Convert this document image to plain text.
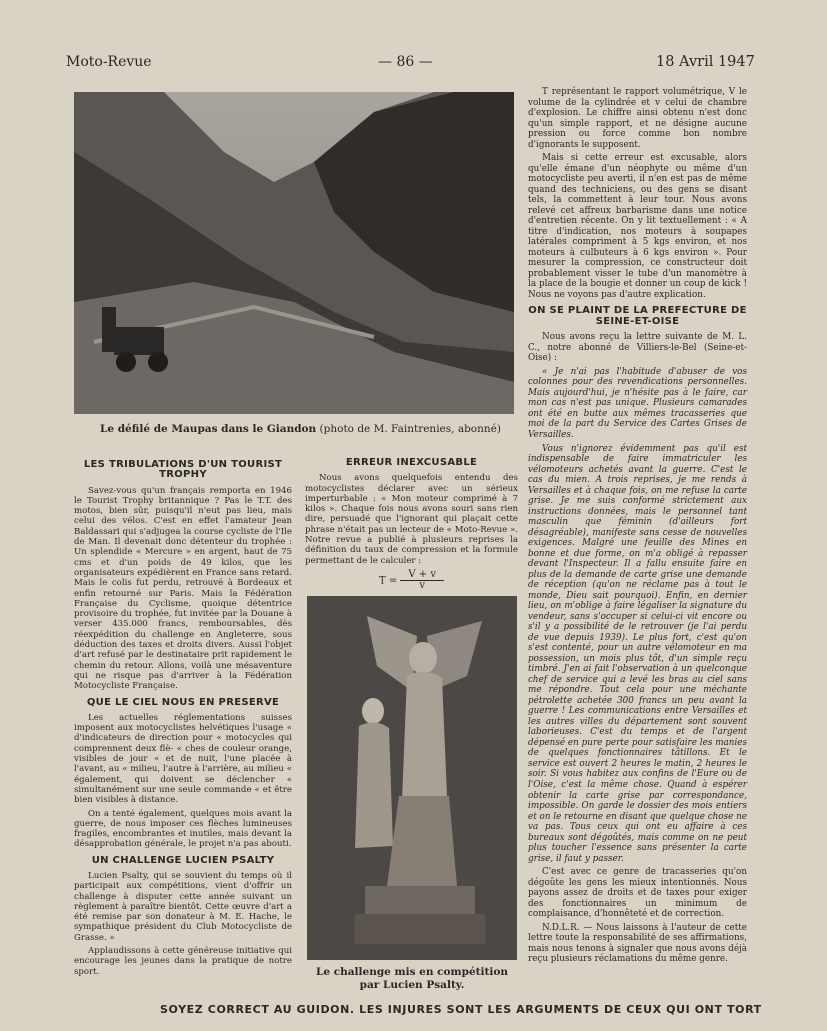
Moto-Revue	— 86 —	18 Avril 1947
Le défilé de Maupas dans le Giandon (photo de M. Faintrenies, abonné)
LES TRIBULATIONS D'UN TOURIST TROPHY

Savez-vous qu'un français remporta en 1946 le Tourist Trophy britannique ? Pas le T.T. des motos, bien sûr, puisqu'il n'eut pas lieu, mais celui des vélos. C'est en effet l'amateur Jean Baldassari qui s'adjugea la course cycliste de l'Ile de Man. Il devenait donc détenteur du trophée : Un splendide « Mercure » en argent, haut de 75 cms et d'un poids de 49 kilos, que les organisateurs expédièrent en France sans retard. Mais le colis fut perdu, retrouvé à Bordeaux et enfin retourné sur Paris. Mais la Fédération Française du Cyclisme, quoique détentrice provisoire du trophée, fut invitée par la Douane à verser 435.000 francs, remboursables, dès réexpédition du challenge en Angleterre, sous déduction des taxes et droits divers. Aussi l'objet d'art refusé par le destinataire prit rapidement le chemin du retour. Allons, voilà une mésaventure qui ne risque pas d'arriver à la Fédération Motocycliste Française.

QUE LE CIEL NOUS EN PRESERVE

Les actuelles réglementations suisses imposent aux motocyclistes helvétiques l'usage « d'indicateurs de direction pour « motocycles qui comprennent deux flè- « ches de couleur orange, visibles de jour « et de nuit, l'une placée à l'avant, au « milieu, l'autre à l'arrière, au milieu « également, qui doivent se déclencher « simultanément sur une seule commande « et être bien visibles à distance.

On a tenté également, quelques mois avant la guerre, de nous imposer ces flèches lumineuses fragiles, encombrantes et inutiles, mais devant la désapprobation générale, le projet n'a pas abouti.

UN CHALLENGE LUCIEN PSALTY

Lucien Psalty, qui se souvient du temps où il participait aux compétitions, vient d'offrir un challenge à disputer cette année suivant un règlement à paraître bientôt. Cette œuvre d'art a été remise par son donateur à M. E. Hache, le sympathique président du Club Motocycliste de Grasse. »

Applaudissons à cette généreuse initiative qui encourage les jeunes dans la pratique de notre sport.

ERREUR INEXCUSABLE

Nous avons quelquefois entendu des motocyclistes déclarer avec un sérieux imperturbable : « Mon moteur comprimé à 7 kilos ». Chaque fois nous avons souri sans rien dire, persuadé que l'ignorant qui plaçait cette phrase n'était pas un lecteur de « Moto-Revue ». Notre revue a publié à plusieurs reprises la définition du taux de compression et la formule permettant de le calculer :

$T = \frac{V + v}{v}$
Le challenge mis en compétition
par Lucien Psalty.

T représentant le rapport volumétrique, V le volume de la cylindrée et v celui de chambre d'explosion. Le chiffre ainsi obtenu n'est donc qu'un simple rapport, et ne désigne aucune pression ou force comme bon nombre d'ignorants le supposent.

Mais si cette erreur est excusable, alors qu'elle émane d'un néophyte ou même d'un motocycliste peu averti, il n'en est pas de même quand des techniciens, ou des gens se disant tels, la commettent à leur tour. Nous avons relevé cet affreux barbarisme dans une notice d'entretien récente. On y lit textuellement : « A titre d'indication, nos moteurs à soupapes latérales compriment à 5 kgs environ, et nos moteurs à culbuteurs à 6 kgs environ ». Pour mesurer la compression, ce constructeur doit probablement visser le tube d'un manomètre à la place de la bougie et donner un coup de kick ! Nous ne voyons pas d'autre explication.

ON SE PLAINT DE LA PREFECTURE DE SEINE-ET-OISE

Nous avons reçu la lettre suivante de M. L. C., notre abonné de Villiers-le-Bel (Seine-et-Oise) :

« Je n'ai pas l'habitude d'abuser de vos colonnes pour des revendications personnelles. Mais aujourd'hui, je n'hésite pas à le faire, car mon cas n'est pas unique. Plusieurs camarades ont été en butte aux mêmes tracasseries que moi de la part du Service des Cartes Grises de Versailles.

Vous n'ignorez évidemment pas qu'il est indispensable de faire immatriculer les vélomoteurs achetés avant la guerre. C'est le cas du mien. A trois reprises, je me rends à Versailles et à chaque fois, on me refuse la carte grise. Je me suis conformé strictement aux instructions données, mais le personnel tant masculin que féminin (d'ailleurs fort désagréable), manifeste sans cesse de nouvelles exigences. Malgré une feuille des Mines en bonne et due forme, on m'a obligé à repasser devant l'Inspecteur. Il a fallu ensuite faire en plus de la demande de carte grise une demande de réception (qu'on ne réclame pas à tout le monde, Dieu sait pourquoi). Enfin, en dernier lieu, on m'oblige à faire légaliser la signature du vendeur, sans s'occuper si celui-ci vit encore ou s'il y a possibilité de le retrouver (je l'ai perdu de vue depuis 1939). Le plus fort, c'est qu'on s'est contenté, pour un autre vélomoteur en ma possession, un mois plus tôt, d'un simple reçu timbré. J'en ai fait l'observation à un quelconque chef de service qui a levé les bras au ciel sans me répondre. Tout cela pour une méchante pétrolette achetée 300 francs un peu avant la guerre ! Les communications entre Versailles et les autres villes du département sont souvent laborieuses. C'est du temps et de l'argent dépensé en pure perte pour satisfaire les manies de quelques fonctionnaires tâtillons. Et le service est ouvert 2 heures le matin, 2 heures le soir. Si vous habitez aux confins de l'Eure ou de l'Oise, c'est la même chose. Quand à espérer obtenir la carte grise par correspondance, impossible. On garde le dossier des mois entiers et on le retourne en disant que quelque chose ne va pas. Tous ceux qui ont eu affaire à ces bureaux sont dégoûtés, mais comme on ne peut plus toucher l'essence sans présenter la carte grise, il faut y passer.

C'est avec ce genre de tracasseries qu'on dégoûte les gens les mieux intentionnés. Nous payons assez de droits et de taxes pour exiger des fonctionnaires un minimum de complaisance, d'honnêteté et de correction.

N.D.L.R. — Nous laissons à l'auteur de cette lettre toute la responsabilité de ses affirmations, mais nous tenons à signaler que nous avons déjà reçu plusieurs réclamations du même genre.

SOYEZ CORRECT AU GUIDON. LES INJURES SONT LES ARGUMENTS DE CEUX QUI ONT TORT
